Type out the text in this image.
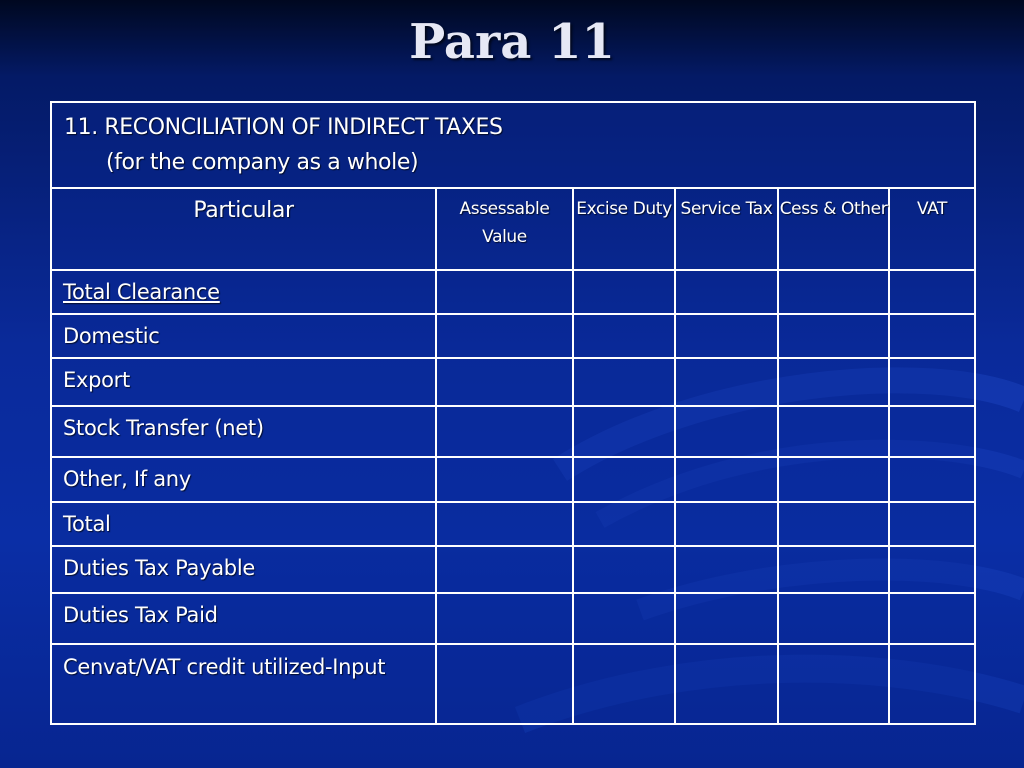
Para 11
11. RECONCILIATION OF INDIRECT TAXES
(for the company as a whole)					

Particular	Assessable Value	Excise Duty	Service Tax	Cess & Other	VAT
Total Clearance					
Domestic					
Export					
Stock Transfer (net)					
Other, If any					
Total					
Duties Tax Payable					
Duties Tax Paid					
Cenvat/VAT credit utilized-Input					
